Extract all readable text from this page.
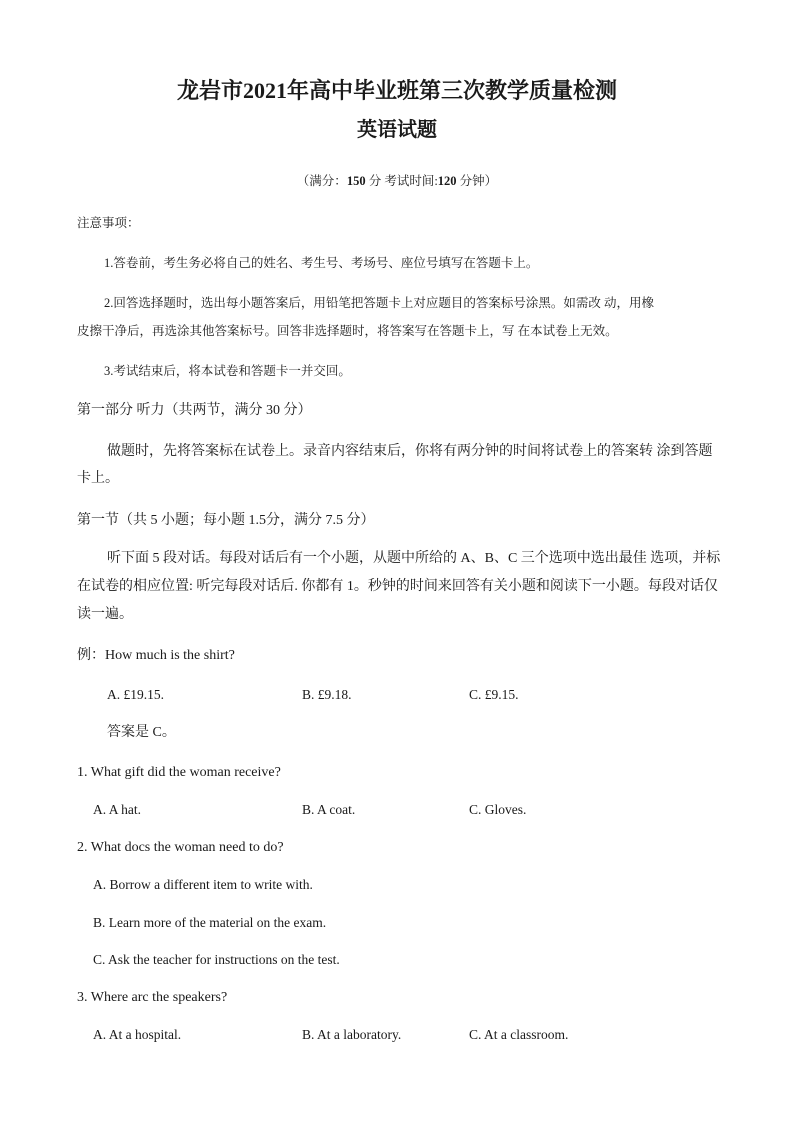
龙岩市2021年高中毕业班第三次教学质量检测
英语试题
（满分：150 分 考试时间:120 分钟）
注意事项：
1.答卷前，考生务必将自己的姓名、考生号、考场号、座位号填写在答题卡上。
2.回答选择题时，选出每小题答案后，用铅笔把答题卡上对应题目的答案标号涂黑。如需改 动，用橡
皮擦干净后，再选涂其他答案标号。回答非选择题时，将答案写在答题卡上，写 在本试卷上无效。
3.考试结束后，将本试卷和答题卡一并交回。
第一部分 听力（共两节，满分 30 分）
做题时，先将答案标在试卷上。录音内容结束后，你将有两分钟的时间将试卷上的答案转 涂到答题
卡上。
第一节（共 5 小题；每小题 1.5分，满分 7.5 分）
听下面 5 段对话。每段对话后有一个小题，从题中所给的 A、B、C 三个选项中选出最佳 选项，并标
在试卷的相应位置: 听完每段对话后. 你都有 1。秒钟的时间来回答有关小题和阅读下一小题。每段对话仅
读一遍。
例：How much is the shirt?
A. £19.15.	B. £9.18.	C. £9.15.
答案是 C。
1. What gift did the woman receive?
A. A hat.	B. A coat.	C. Gloves.
2. What docs the woman need to do?
A. Borrow a different item to write with.
B. Learn more of the material on the exam.
C. Ask the teacher for instructions on the test.
3. Where arc the speakers?
A. At a hospital.	B. At a laboratory.	C. At a classroom.
